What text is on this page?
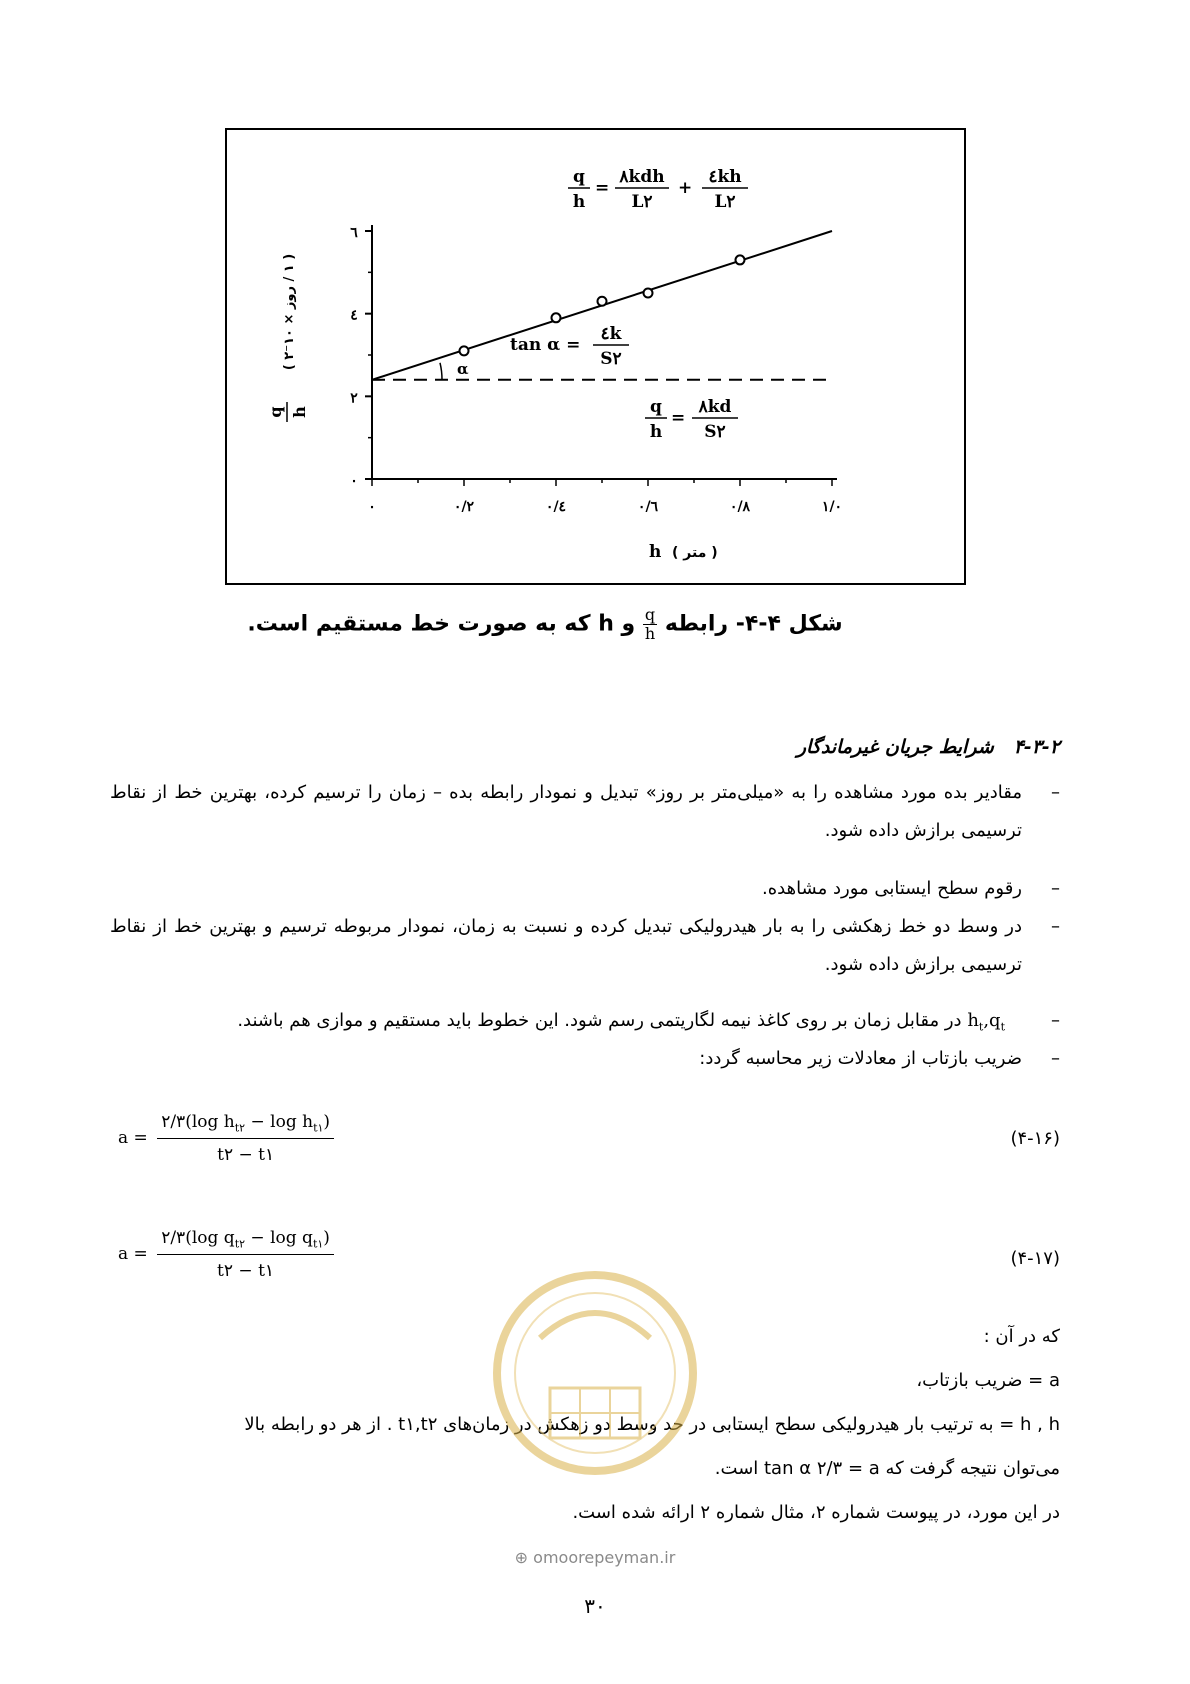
٠
٢
٤
٦
٠	٠/٢	٠/٤	٠/٦	٠/٨	١/٠
α
q
h
=
٨kdh
L٢
+
٤kh
L٢
tan α =
٤k
S٢
q
h
=
٨kd
S٢
q h
( ١ / روز × ١٠⁻٢ )
h ( متر )
شکل ۴-۴- رابطه
$\frac{q}{h}$
و h که به صورت خط مستقیم است.
۴-۳-۲   شرایط جریان غیرماندگار
–
مقادیر بده مورد مشاهده را به «میلی‌متر بر روز» تبدیل و نمودار رابطه بده – زمان را ترسیم کرده، بهترین خط از نقاط ترسیمی برازش داده شود.
–
رقوم سطح ایستابی مورد مشاهده.
–
در وسط دو خط زهکشی را به بار هیدرولیکی تبدیل کرده و نسبت به زمان، نمودار مربوطه ترسیم و بهترین خط از نقاط ترسیمی برازش داده شود.
–
$h_t,q_t$ در مقابل زمان بر روی کاغذ نیمه لگاریتمی رسم شود. این خطوط باید مستقیم و موازی هم باشند.
–
ضریب بازتاب از معادلات زیر محاسبه گردد:
$a = \frac{٢/٣(\log h_{t٢} - \log h_{t١})}{t٢ - t١}$	(۴-۱۶)
$a = \frac{٢/٣(\log q_{t٢} - \log q_{t١})}{t٢ - t١}$	(۴-۱۷)
که در آن :
a = ضریب بازتاب،
h , h = به ترتیب بار هیدرولیکی سطح ایستابی در حد وسط دو زهکش در زمان‌های t٢,t١ . از هر دو رابطه بالا
می‌توان نتیجه گرفت که a = ٢/٣ tan α است.
در این مورد، در پیوست شماره ۲، مثال شماره ۲ ارائه شده است.
⊕ omoorepeyman.ir
٣٠
